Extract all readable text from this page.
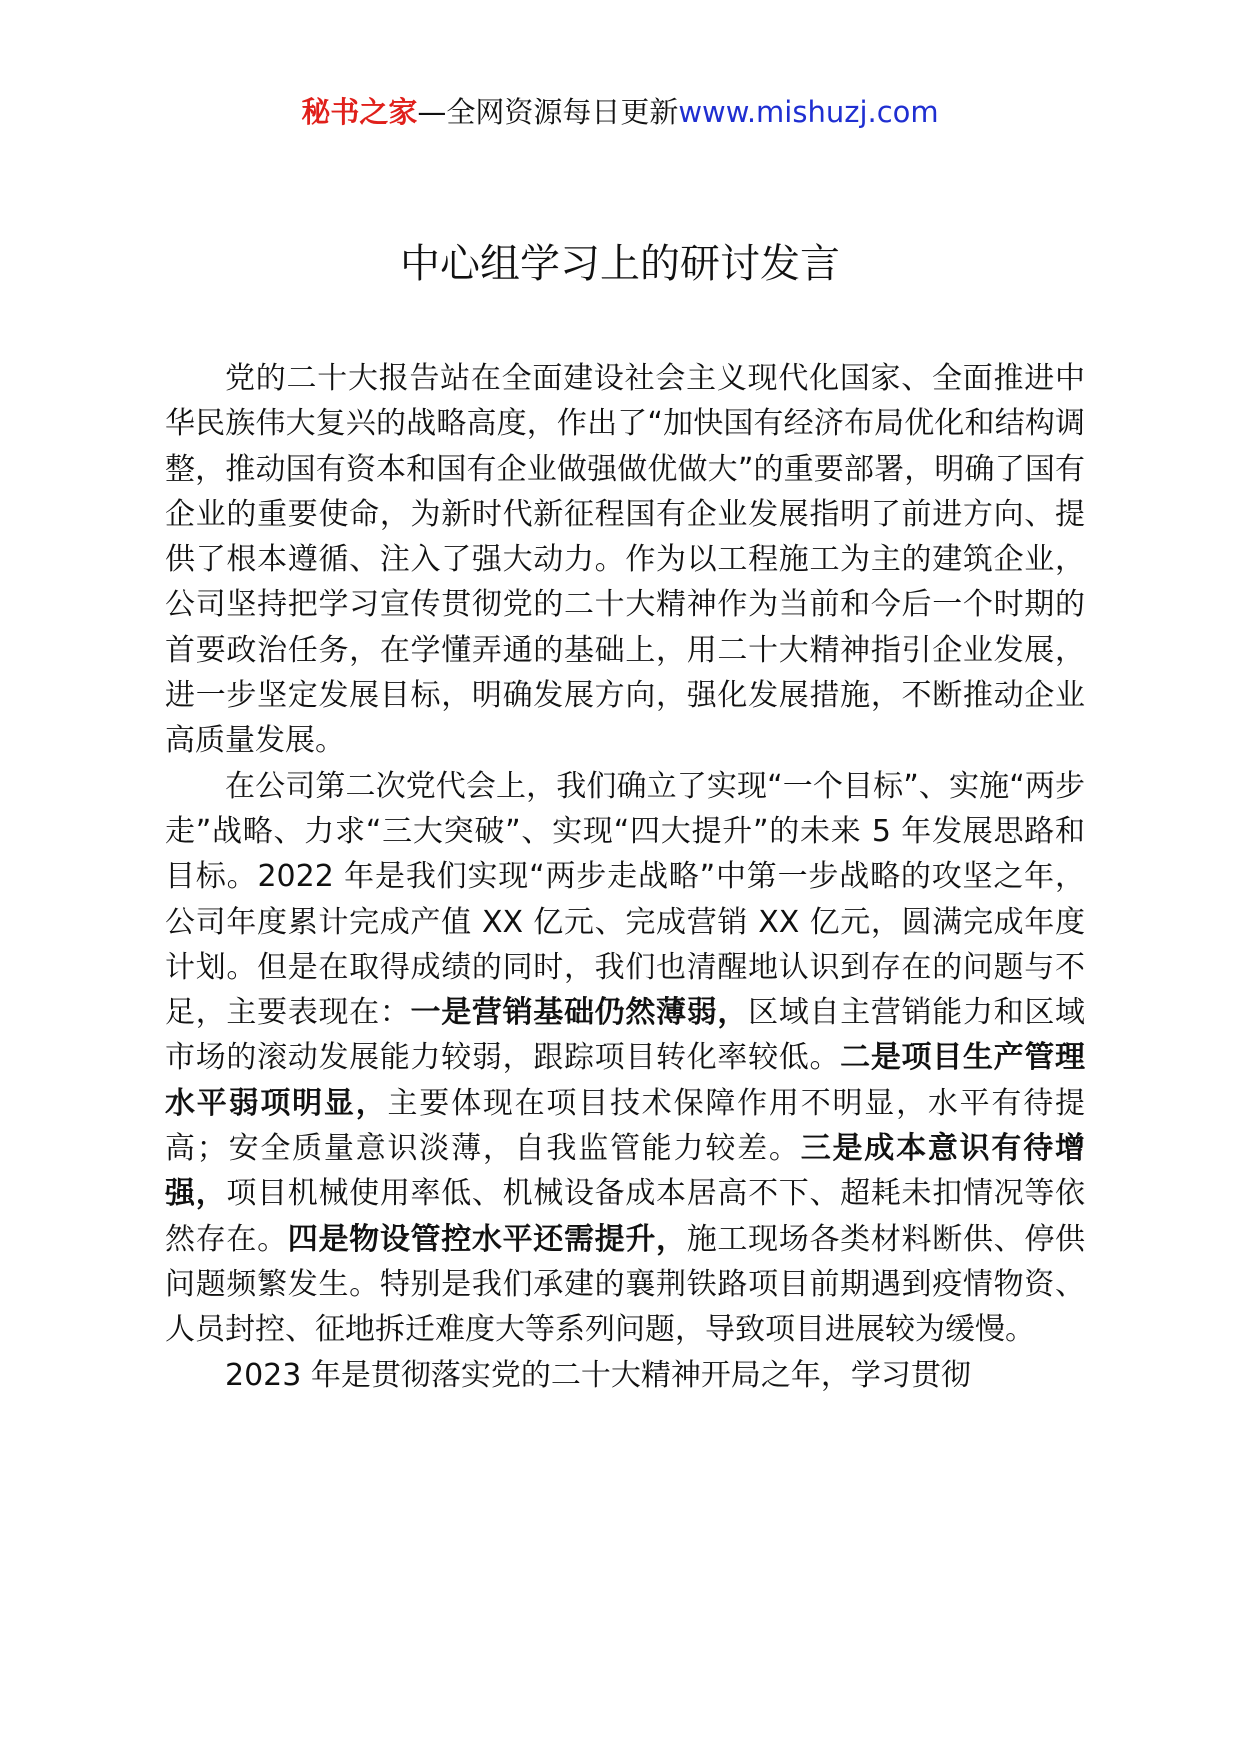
秘书之家—全网资源每日更新www.mishuzj.com
中心组学习上的研讨发言

党的二十大报告站在全面建设社会主义现代化国家、全面推进中华民族伟大复兴的战略高度，作出了“加快国有经济布局优化和结构调整，推动国有资本和国有企业做强做优做大”的重要部署，明确了国有企业的重要使命，为新时代新征程国有企业发展指明了前进方向、提供了根本遵循、注入了强大动力。作为以工程施工为主的建筑企业，公司坚持把学习宣传贯彻党的二十大精神作为当前和今后一个时期的首要政治任务，在学懂弄通的基础上，用二十大精神指引企业发展，进一步坚定发展目标，明确发展方向，强化发展措施，不断推动企业高质量发展。

在公司第二次党代会上，我们确立了实现“一个目标”、实施“两步走”战略、力求“三大突破”、实现“四大提升”的未来 5 年发展思路和目标。2022 年是我们实现“两步走战略”中第一步战略的攻坚之年，公司年度累计完成产值 XX 亿元、完成营销 XX 亿元，圆满完成年度计划。但是在取得成绩的同时，我们也清醒地认识到存在的问题与不足，主要表现在：一是营销基础仍然薄弱，区域自主营销能力和区域市场的滚动发展能力较弱，跟踪项目转化率较低。二是项目生产管理水平弱项明显，主要体现在项目技术保障作用不明显，水平有待提高；安全质量意识淡薄，自我监管能力较差。三是成本意识有待增强，项目机械使用率低、机械设备成本居高不下、超耗未扣情况等依然存在。四是物设管控水平还需提升，施工现场各类材料断供、停供问题频繁发生。特别是我们承建的襄荆铁路项目前期遇到疫情物资、人员封控、征地拆迁难度大等系列问题，导致项目进展较为缓慢。

2023 年是贯彻落实党的二十大精神开局之年，学习贯彻
